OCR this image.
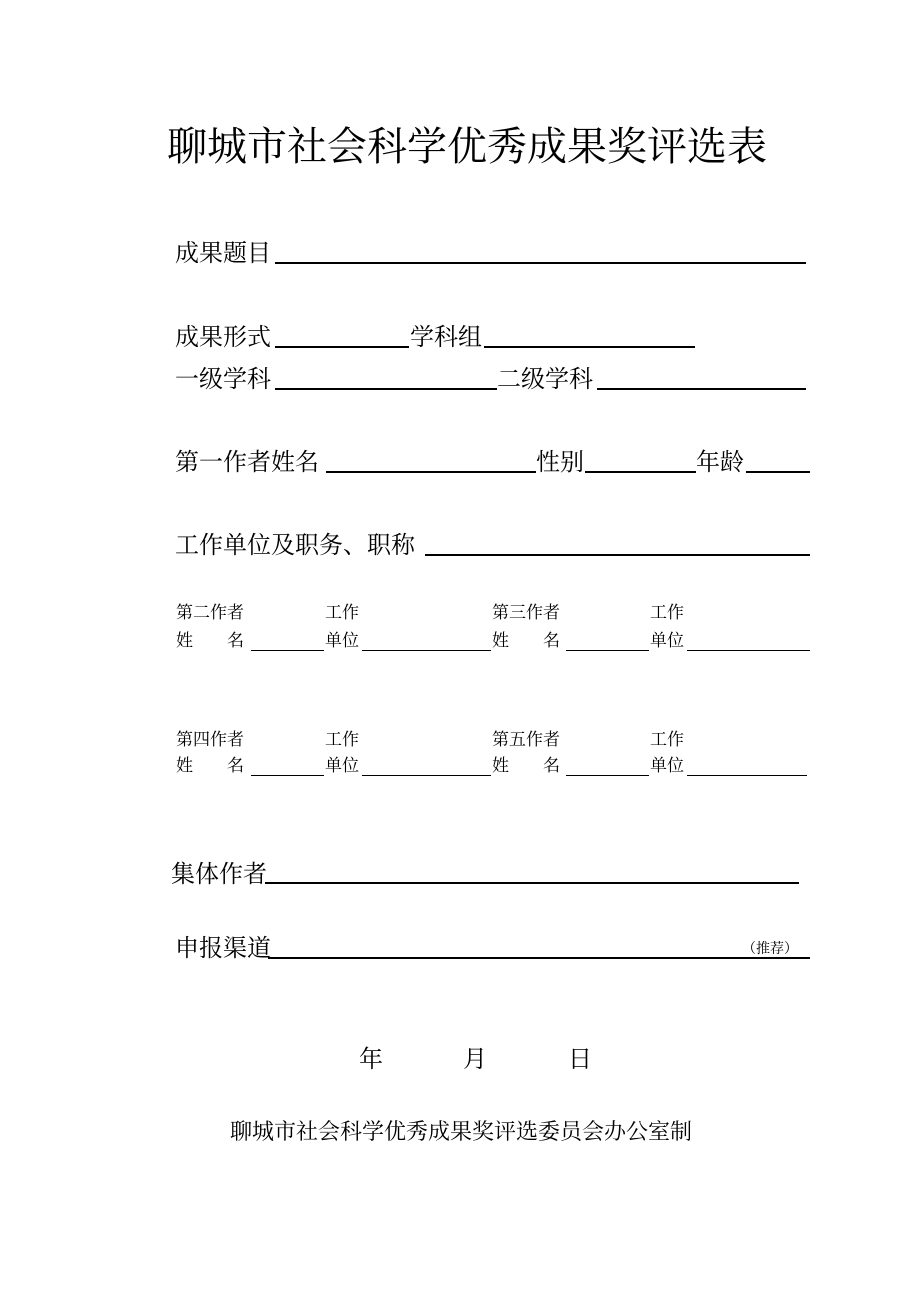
聊城市社会科学优秀成果奖评选表
成果题目
成果形式	学科组
一级学科	二级学科
第一作者姓名	性别	年龄
工作单位及职务、职称
第二作者	工作
姓　　名	单位
第三作者	工作
姓　　名	单位
第四作者	工作
姓　　名	单位
第五作者	工作
姓　　名	单位
集体作者
申报渠道	（推荐）
年	月	日
聊城市社会科学优秀成果奖评选委员会办公室制
